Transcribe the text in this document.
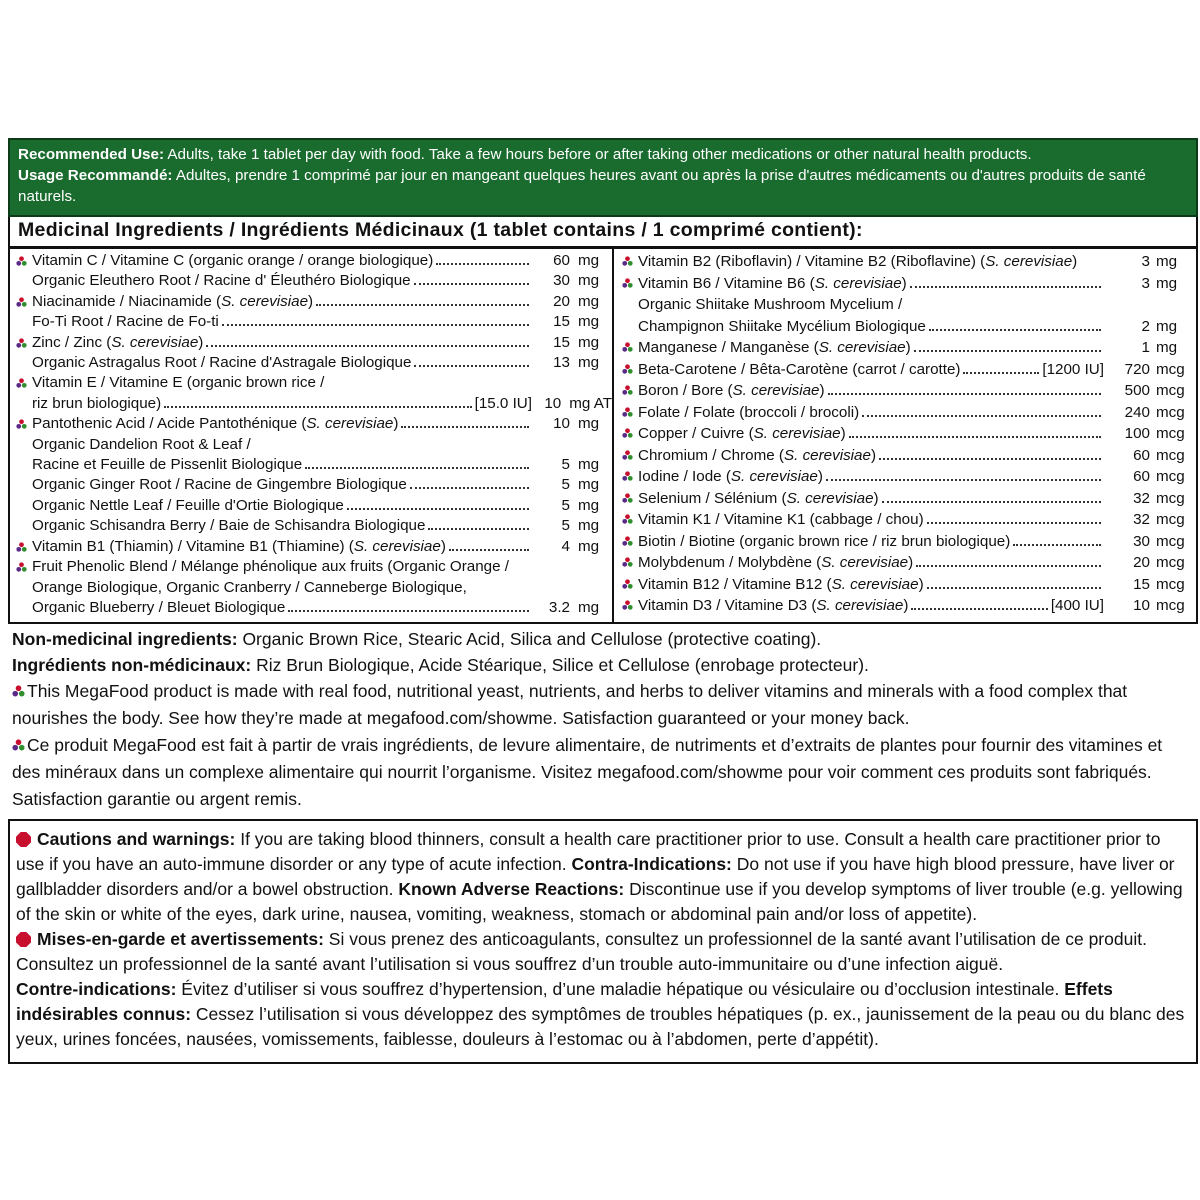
Recommended Use: Adults, take 1 tablet per day with food. Take a few hours before or after taking other medications or other natural health products.
Usage Recommandé: Adultes, prendre 1 comprimé par jour en mangeant quelques heures avant ou après la prise d'autres médicaments ou d'autres produits de santé naturels.
Medicinal Ingredients / Ingrédients Médicinaux (1 tablet contains / 1 comprimé contient):
Vitamin C / Vitamine C (organic orange / orange biologique)	60 mg
Organic Eleuthero Root / Racine d' Éleuthéro Biologique	30 mg
Niacinamide / Niacinamide (S. cerevisiae)	20 mg
Fo-Ti Root / Racine de Fo-ti	15 mg
Zinc / Zinc (S. cerevisiae)	15 mg
Organic Astragalus Root / Racine d'Astragale Biologique	13 mg
Vitamin E / Vitamine E (organic brown rice /
riz brun biologique)	[15.0 IU] 10 mg AT
Pantothenic Acid / Acide Pantothénique (S. cerevisiae)	10 mg
Organic Dandelion Root & Leaf /
Racine et Feuille de Pissenlit Biologique	5 mg
Organic Ginger Root / Racine de Gingembre Biologique	5 mg
Organic Nettle Leaf / Feuille d'Ortie Biologique	5 mg
Organic Schisandra Berry / Baie de Schisandra Biologique	5 mg
Vitamin B1 (Thiamin) / Vitamine B1 (Thiamine) (S. cerevisiae)	4 mg
Fruit Phenolic Blend / Mélange phénolique aux fruits (Organic Orange /
Orange Biologique, Organic Cranberry / Canneberge Biologique,
Organic Blueberry / Bleuet Biologique	3.2 mg
Vitamin B2 (Riboflavin) / Vitamine B2 (Riboflavine) (S. cerevisiae)	3 mg
Vitamin B6 / Vitamine B6 (S. cerevisiae)	3 mg
Organic Shiitake Mushroom Mycelium /
Champignon Shiitake Mycélium Biologique	2 mg
Manganese / Manganèse (S. cerevisiae)	1 mg
Beta-Carotene / Bêta-Carotène (carrot / carotte)	[1200 IU]	720 mcg
Boron / Bore (S. cerevisiae)	500 mcg
Folate / Folate (broccoli / brocoli)	240 mcg
Copper / Cuivre (S. cerevisiae)	100 mcg
Chromium / Chrome (S. cerevisiae)	60 mcg
Iodine / Iode (S. cerevisiae)	60 mcg
Selenium / Sélénium (S. cerevisiae)	32 mcg
Vitamin K1 / Vitamine K1 (cabbage / chou)	32 mcg
Biotin / Biotine (organic brown rice / riz brun biologique)	30 mcg
Molybdenum / Molybdène (S. cerevisiae)	20 mcg
Vitamin B12 / Vitamine B12 (S. cerevisiae)	15 mcg
Vitamin D3 / Vitamine D3 (S. cerevisiae)	[400 IU]	10 mcg
Non-medicinal ingredients: Organic Brown Rice, Stearic Acid, Silica and Cellulose (protective coating).
Ingrédients non-médicinaux: Riz Brun Biologique, Acide Stéarique, Silice et Cellulose (enrobage protecteur).
This MegaFood product is made with real food, nutritional yeast, nutrients, and herbs to deliver vitamins and minerals with a food complex that nourishes the body. See how they’re made at megafood.com/showme. Satisfaction guaranteed or your money back.
Ce produit MegaFood est fait à partir de vrais ingrédients, de levure alimentaire, de nutriments et d’extraits de plantes pour fournir des vitamines et des minéraux dans un complexe alimentaire qui nourrit l’organisme. Visitez megafood.com/showme pour voir comment ces produits sont fabriqués. Satisfaction garantie ou argent remis.
Cautions and warnings: If you are taking blood thinners, consult a health care practitioner prior to use. Consult a health care practitioner prior to use if you have an auto-immune disorder or any type of acute infection. Contra-Indications: Do not use if you have high blood pressure, have liver or gallbladder disorders and/or a bowel obstruction. Known Adverse Reactions: Discontinue use if you develop symptoms of liver trouble (e.g. yellowing of the skin or white of the eyes, dark urine, nausea, vomiting, weakness, stomach or abdominal pain and/or loss of appetite).
Mises-en-garde et avertissements: Si vous prenez des anticoagulants, consultez un professionnel de la santé avant l’utilisation de ce produit. Consultez un professionnel de la santé avant l’utilisation si vous souffrez d’un trouble auto-immunitaire ou d’une infection aiguë.
Contre-indications: Évitez d’utiliser si vous souffrez d’hypertension, d’une maladie hépatique ou vésiculaire ou d’occlusion intestinale. Effets indésirables connus: Cessez l’utilisation si vous développez des symptômes de troubles hépatiques (p. ex., jaunissement de la peau ou du blanc des yeux, urines foncées, nausées, vomissements, faiblesse, douleurs à l’estomac ou à l’abdomen, perte d’appétit).
